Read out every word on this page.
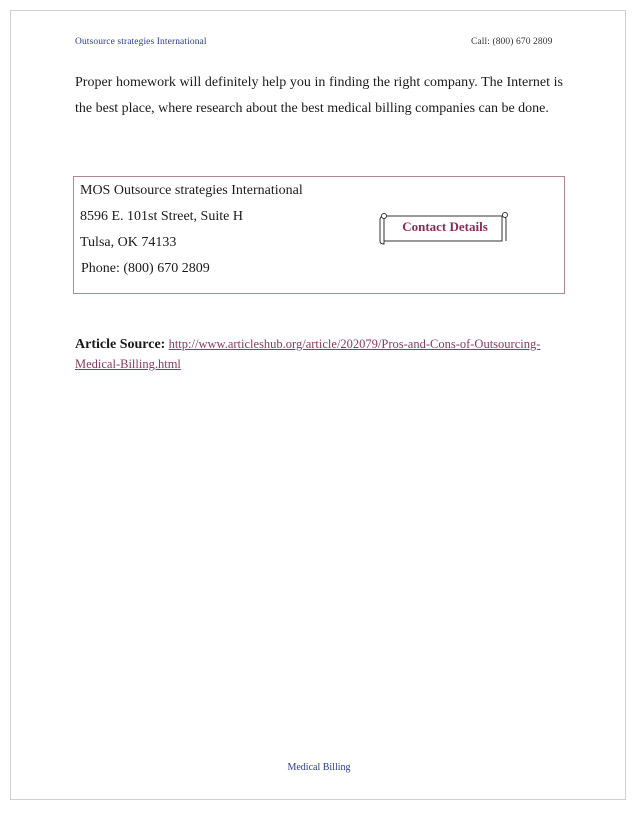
Outsource strategies International	Call: (800) 670 2809
Proper homework will definitely help you in finding the right company. The Internet is the best place, where research about the best medical billing companies can be done.
MOS Outsource strategies International
8596 E. 101st Street, Suite H
Tulsa, OK 74133
Phone: (800) 670 2809
Contact Details
Article Source: http://www.articleshub.org/article/202079/Pros-and-Cons-of-Outsourcing-Medical-Billing.html
Medical Billing
